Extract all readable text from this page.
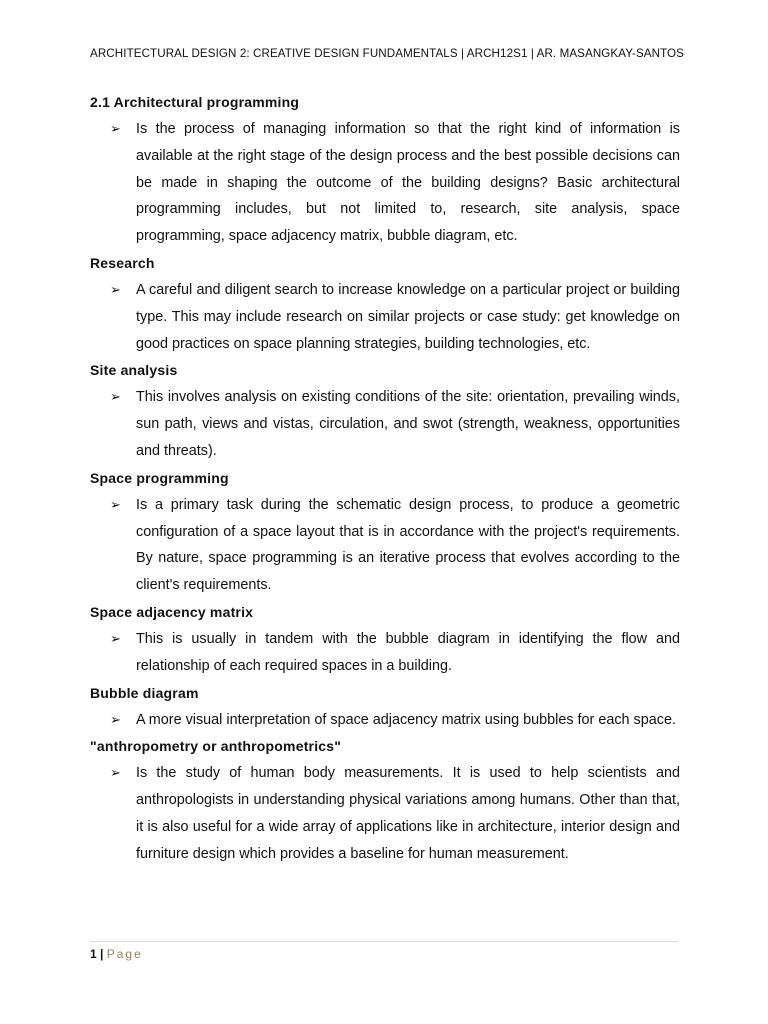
ARCHITECTURAL DESIGN 2: CREATIVE DESIGN FUNDAMENTALS | ARCH12S1 | AR. MASANGKAY-SANTOS
2.1 Architectural programming
➢ Is the process of managing information so that the right kind of information is available at the right stage of the design process and the best possible decisions can be made in shaping the outcome of the building designs? Basic architectural programming includes, but not limited to, research, site analysis, space programming, space adjacency matrix, bubble diagram, etc.
Research
➢ A careful and diligent search to increase knowledge on a particular project or building type. This may include research on similar projects or case study: get knowledge on good practices on space planning strategies, building technologies, etc.
Site analysis
➢ This involves analysis on existing conditions of the site: orientation, prevailing winds, sun path, views and vistas, circulation, and swot (strength, weakness, opportunities and threats).
Space programming
➢ Is a primary task during the schematic design process, to produce a geometric configuration of a space layout that is in accordance with the project's requirements. By nature, space programming is an iterative process that evolves according to the client's requirements.
Space adjacency matrix
➢ This is usually in tandem with the bubble diagram in identifying the flow and relationship of each required spaces in a building.
Bubble diagram
➢ A more visual interpretation of space adjacency matrix using bubbles for each space.
"anthropometry or anthropometrics"
➢ Is the study of human body measurements. It is used to help scientists and anthropologists in understanding physical variations among humans. Other than that, it is also useful for a wide array of applications like in architecture, interior design and furniture design which provides a baseline for human measurement.
1 | Page
